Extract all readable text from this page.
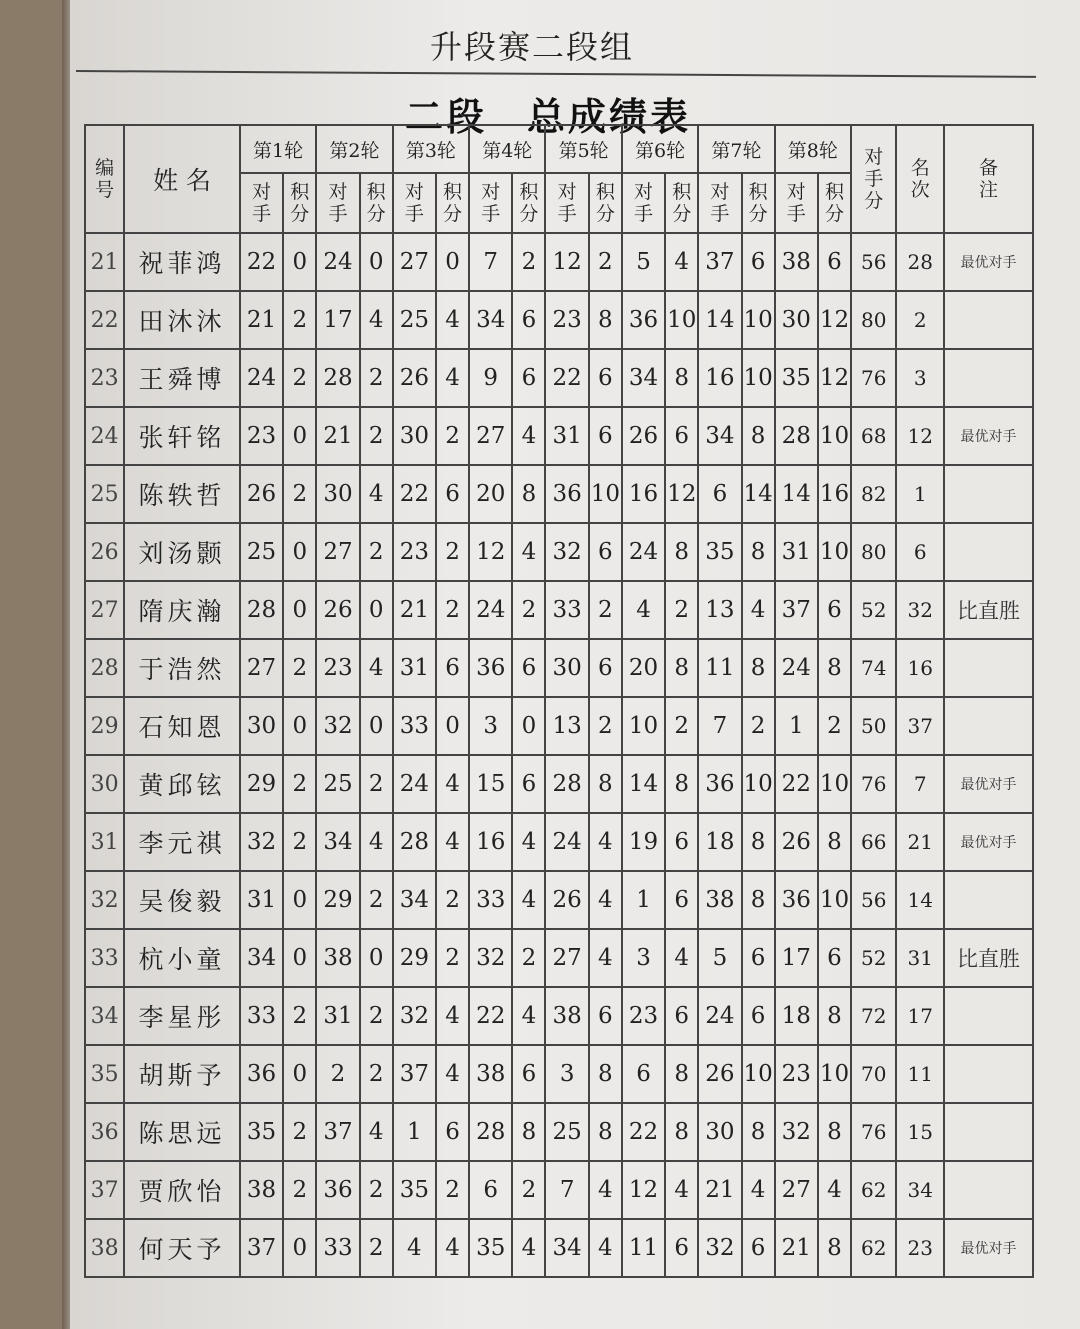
升段赛二段组
二段 总成绩表
编号	姓 名	第1轮		第2轮		第3轮		第4轮		第5轮		第6轮		第7轮		第8轮		对手分	名次	备注

		对手	积分	对手	积分	对手	积分	对手	积分	对手	积分	对手	积分	对手	积分	对手	积分			

21	祝菲鸿	22	0	24	0	27	0	7	2	12	2	5	4	37	6	38	6	56	28	最优对手
22	田沐沐	21	2	17	4	25	4	34	6	23	8	36	10	14	10	30	12	80	2	
23	王舜博	24	2	28	2	26	4	9	6	22	6	34	8	16	10	35	12	76	3	
24	张轩铭	23	0	21	2	30	2	27	4	31	6	26	6	34	8	28	10	68	12	最优对手
25	陈轶哲	26	2	30	4	22	6	20	8	36	10	16	12	6	14	14	16	82	1	
26	刘汤颢	25	0	27	2	23	2	12	4	32	6	24	8	35	8	31	10	80	6	
27	隋庆瀚	28	0	26	0	21	2	24	2	33	2	4	2	13	4	37	6	52	32	比直胜
28	于浩然	27	2	23	4	31	6	36	6	30	6	20	8	11	8	24	8	74	16	
29	石知恩	30	0	32	0	33	0	3	0	13	2	10	2	7	2	1	2	50	37	
30	黄邱铉	29	2	25	2	24	4	15	6	28	8	14	8	36	10	22	10	76	7	最优对手
31	李元祺	32	2	34	4	28	4	16	4	24	4	19	6	18	8	26	8	66	21	最优对手
32	吴俊毅	31	0	29	2	34	2	33	4	26	4	1	6	38	8	36	10	56	14	
33	杭小童	34	0	38	0	29	2	32	2	27	4	3	4	5	6	17	6	52	31	比直胜
34	李星彤	33	2	31	2	32	4	22	4	38	6	23	6	24	6	18	8	72	17	
35	胡斯予	36	0	2	2	37	4	38	6	3	8	6	8	26	10	23	10	70	11	
36	陈思远	35	2	37	4	1	6	28	8	25	8	22	8	30	8	32	8	76	15	
37	贾欣怡	38	2	36	2	35	2	6	2	7	4	12	4	21	4	27	4	62	34	
38	何天予	37	0	33	2	4	4	35	4	34	4	11	6	32	6	21	8	62	23	最优对手
